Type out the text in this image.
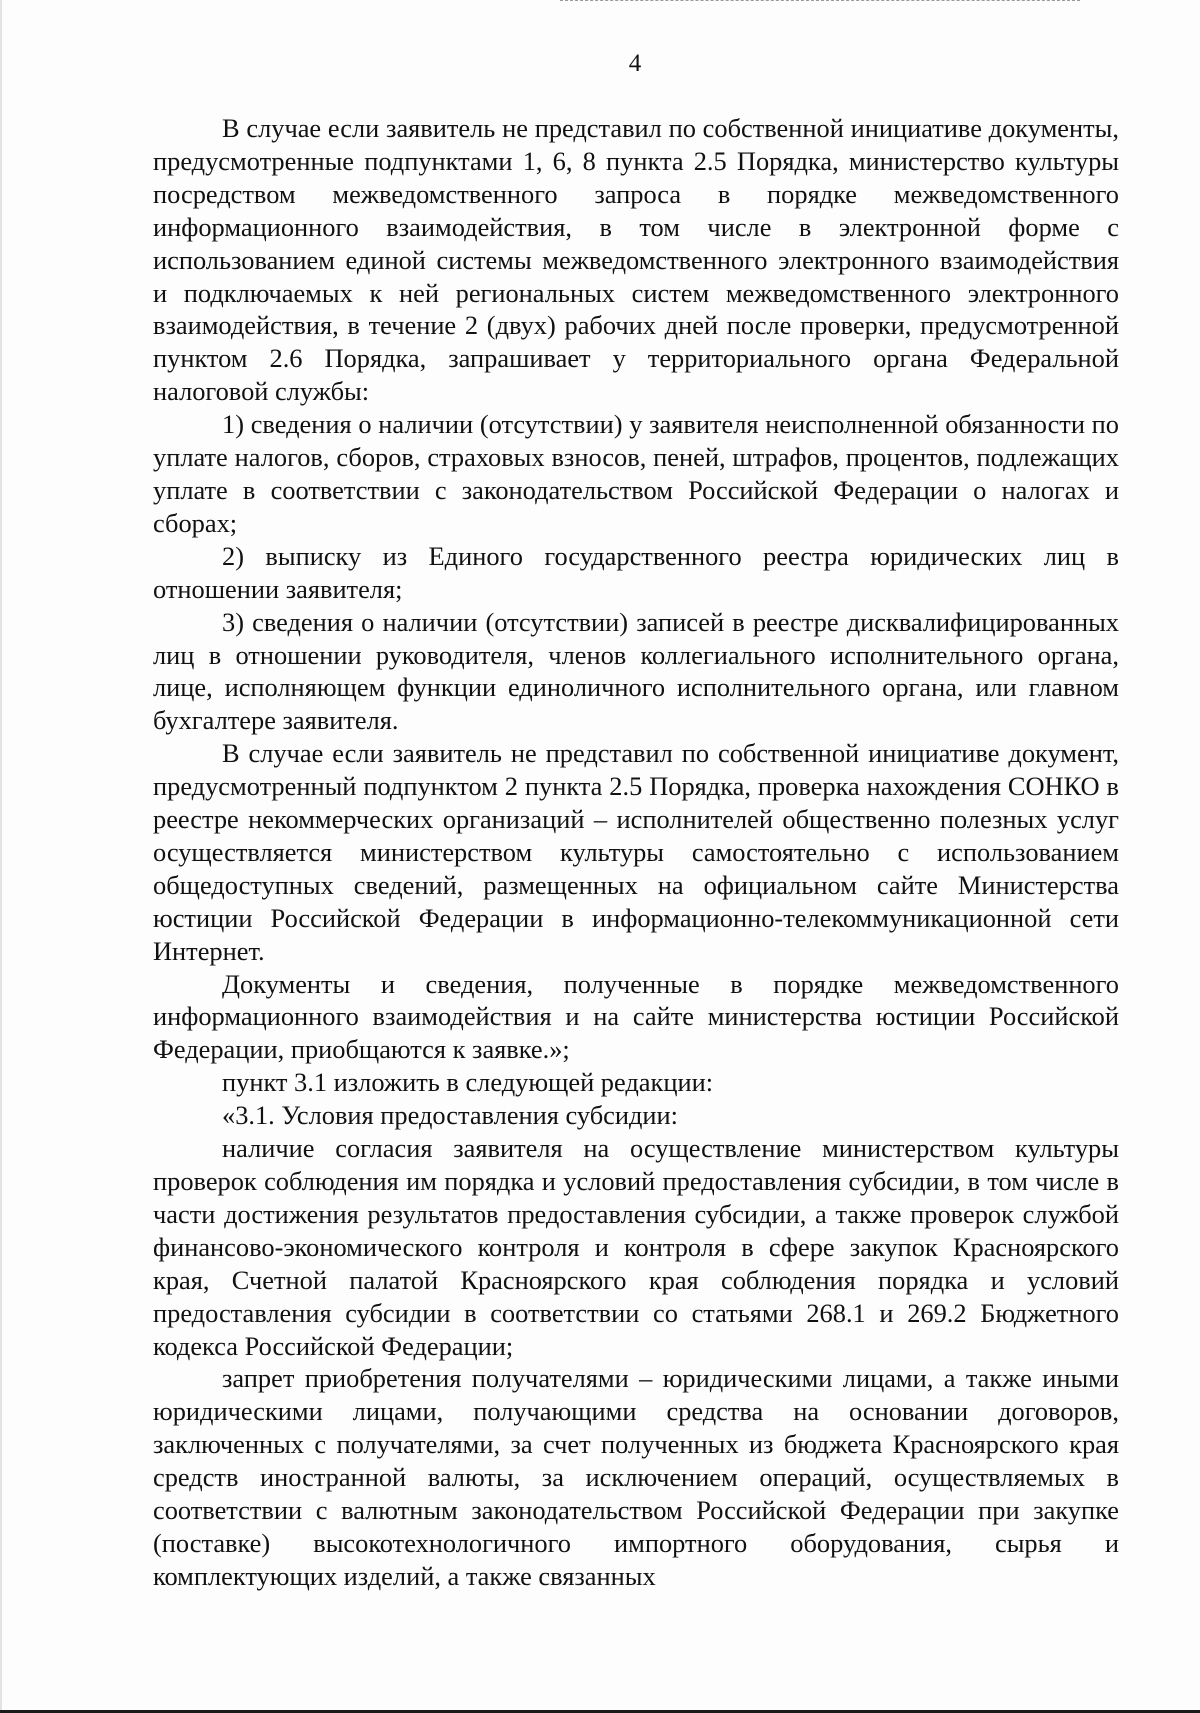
4

В случае если заявитель не представил по собственной инициативе документы, предусмотренные подпунктами 1, 6, 8 пункта 2.5 Порядка, министерство культуры посредством межведомственного запроса в порядке межведомственного информационного взаимодействия, в том числе в электронной форме с использованием единой системы межведомственного электронного взаимодействия и подключаемых к ней региональных систем межведомственного электронного взаимодействия, в течение 2 (двух) рабочих дней после проверки, предусмотренной пунктом 2.6 Порядка, запрашивает у территориального органа Федеральной налоговой службы:

1) сведения о наличии (отсутствии) у заявителя неисполненной обязанности по уплате налогов, сборов, страховых взносов, пеней, штрафов, процентов, подлежащих уплате в соответствии с законодательством Российской Федерации о налогах и сборах;

2) выписку из Единого государственного реестра юридических лиц в отношении заявителя;

3) сведения о наличии (отсутствии) записей в реестре дисквалифицированных лиц в отношении руководителя, членов коллегиального исполнительного органа, лице, исполняющем функции единоличного исполнительного органа, или главном бухгалтере заявителя.

В случае если заявитель не представил по собственной инициативе документ, предусмотренный подпунктом 2 пункта 2.5 Порядка, проверка нахождения СОНКО в реестре некоммерческих организаций – исполнителей общественно полезных услуг осуществляется министерством культуры самостоятельно с использованием общедоступных сведений, размещенных на официальном сайте Министерства юстиции Российской Федерации в информационно-телекоммуникационной сети Интернет.

Документы и сведения, полученные в порядке межведомственного информационного взаимодействия и на сайте министерства юстиции Российской Федерации, приобщаются к заявке.»;

пункт 3.1 изложить в следующей редакции:

«3.1. Условия предоставления субсидии:

наличие согласия заявителя на осуществление министерством культуры проверок соблюдения им порядка и условий предоставления субсидии, в том числе в части достижения результатов предоставления субсидии, а также проверок службой финансово-экономического контроля и контроля в сфере закупок Красноярского края, Счетной палатой Красноярского края соблюдения порядка и условий предоставления субсидии в соответствии со статьями 268.1 и 269.2 Бюджетного кодекса Российской Федерации;

запрет приобретения получателями – юридическими лицами, а также иными юридическими лицами, получающими средства на основании договоров, заключенных с получателями, за счет полученных из бюджета Красноярского края средств иностранной валюты, за исключением операций, осуществляемых в соответствии с валютным законодательством Российской Федерации при закупке (поставке) высокотехнологичного импортного оборудования, сырья и комплектующих изделий, а также связанных
